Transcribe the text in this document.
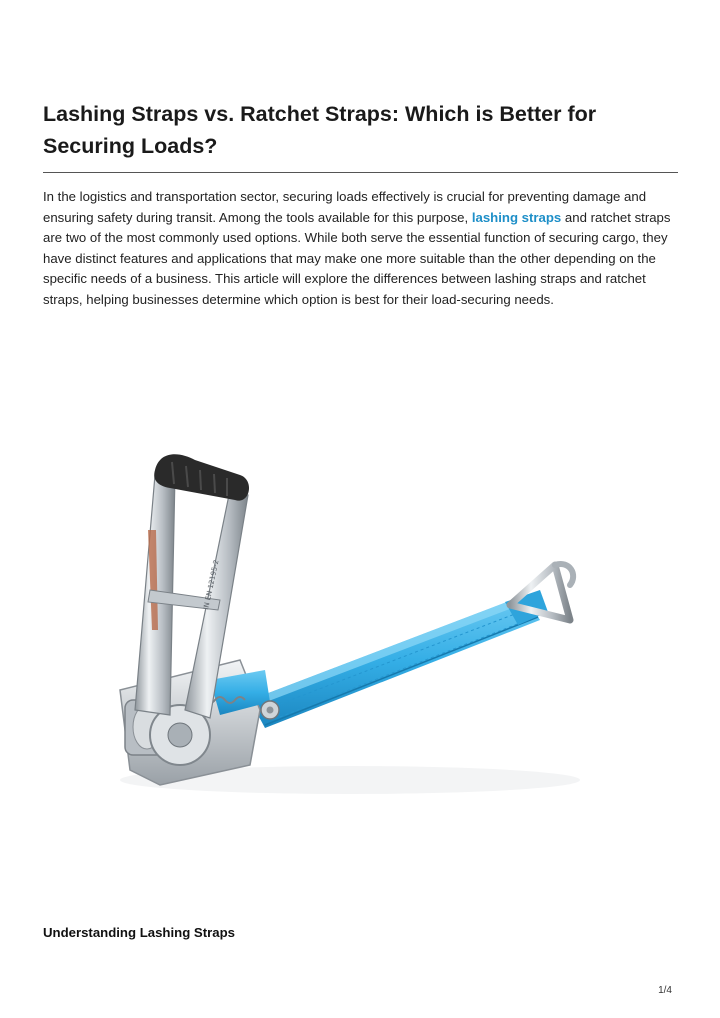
Lashing Straps vs. Ratchet Straps: Which is Better for Securing Loads?

In the logistics and transportation sector, securing loads effectively is crucial for preventing damage and ensuring safety during transit. Among the tools available for this purpose, lashing straps and ratchet straps are two of the most commonly used options. While both serve the essential function of securing cargo, they have distinct features and applications that may make one more suitable than the other depending on the specific needs of a business. This article will explore the differences between lashing straps and ratchet straps, helping businesses determine which option is best for their load-securing needs.

IN EN 12195-2
Understanding Lashing Straps
1/4
